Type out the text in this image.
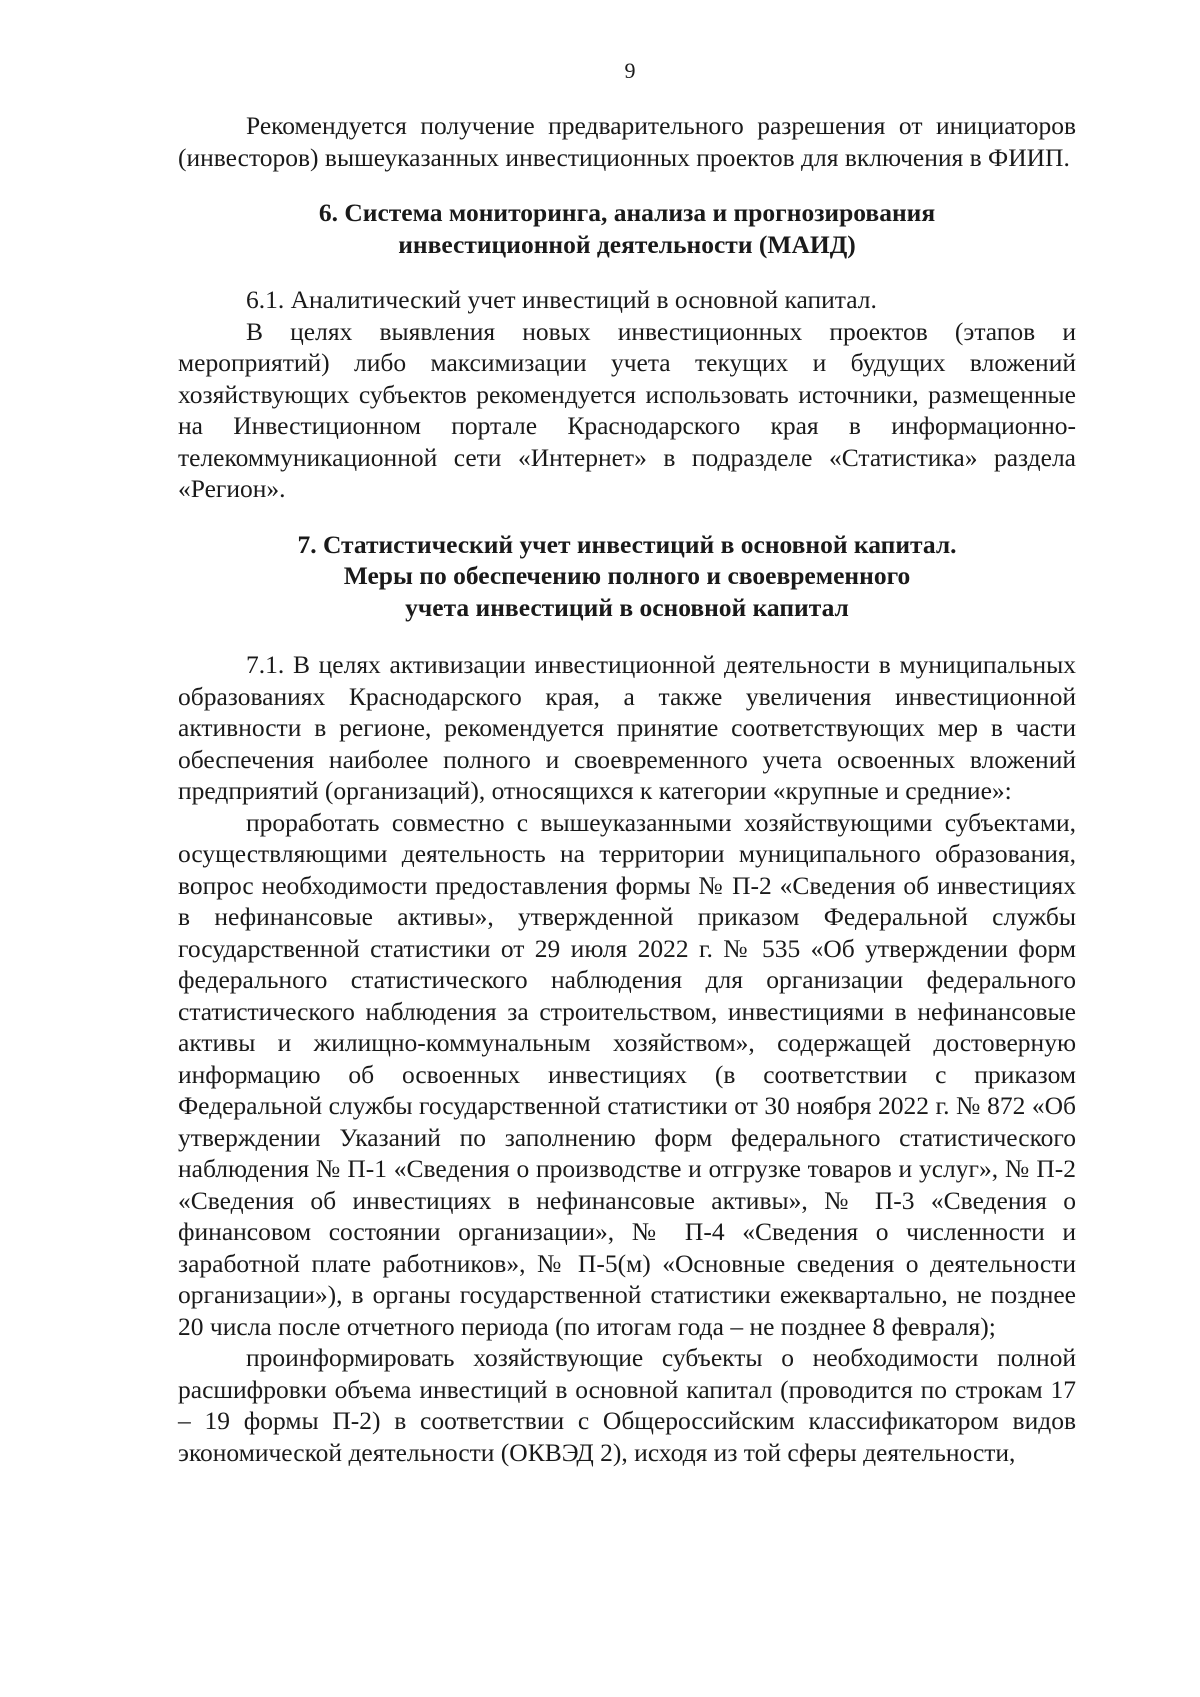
9

Рекомендуется получение предварительного разрешения от инициаторов (инвесторов) вышеуказанных инвестиционных проектов для включения в ФИИП.

6. Система мониторинга, анализа и прогнозирования
инвестиционной деятельности (МАИД)

6.1. Аналитический учет инвестиций в основной капитал.

В целях выявления новых инвестиционных проектов (этапов и мероприятий) либо максимизации учета текущих и будущих вложений хозяйствующих субъектов рекомендуется использовать источники, размещенные на Инвестиционном портале Краснодарского края в информационно-телекоммуникационной сети «Интернет» в подразделе «Статистика» раздела «Регион».

7. Статистический учет инвестиций в основной капитал.
Меры по обеспечению полного и своевременного
учета инвестиций в основной капитал

7.1. В целях активизации инвестиционной деятельности в муниципальных образованиях Краснодарского края, а также увеличения инвестиционной активности в регионе, рекомендуется принятие соответствующих мер в части обеспечения наиболее полного и своевременного учета освоенных вложений предприятий (организаций), относящихся к категории «крупные и средние»:

проработать совместно с вышеуказанными хозяйствующими субъектами, осуществляющими деятельность на территории муниципального образования, вопрос необходимости предоставления формы № П-2 «Сведения об инвестициях в нефинансовые активы», утвержденной приказом Федеральной службы государственной статистики от 29 июля 2022 г. № 535 «Об утверждении форм федерального статистического наблюдения для организации федерального статистического наблюдения за строительством, инвестициями в нефинансовые активы и жилищно-коммунальным хозяйством», содержащей достоверную информацию об освоенных инвестициях (в соответствии с приказом Федеральной службы государственной статистики от 30 ноября 2022 г. № 872 «Об утверждении Указаний по заполнению форм федерального статистического наблюдения № П-1 «Сведения о производстве и отгрузке товаров и услуг», № П-2 «Сведения об инвестициях в нефинансовые активы», № П-3 «Сведения о финансовом состоянии организации», № П-4 «Сведения о численности и заработной плате работников», № П-5(м) «Основные сведения о деятельности организации»), в органы государственной статистики ежеквартально, не позднее 20 числа после отчетного периода (по итогам года – не позднее 8 февраля);

проинформировать хозяйствующие субъекты о необходимости полной расшифровки объема инвестиций в основной капитал (проводится по строкам 17 – 19 формы П-2) в соответствии с Общероссийским классификатором видов экономической деятельности (ОКВЭД 2), исходя из той сферы деятельности,
